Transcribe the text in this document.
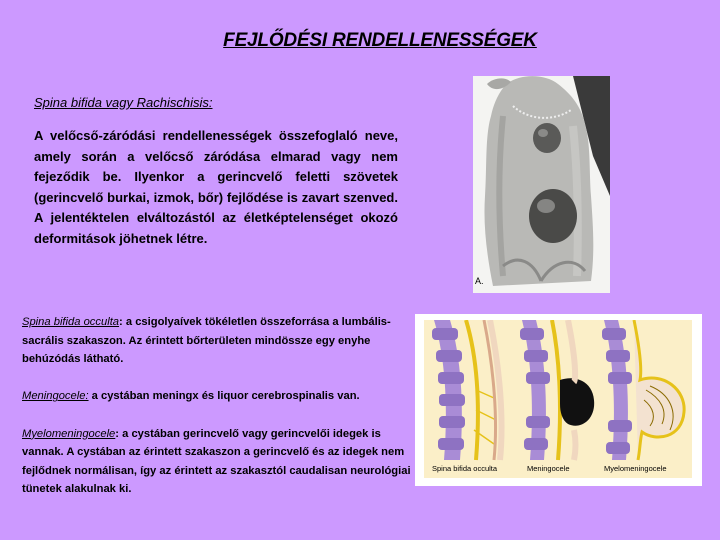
FEJLŐDÉSI RENDELLENESSÉGEK
Spina bifida vagy Rachischisis:
A velőcső-záródási rendellenességek összefoglaló neve, amely során a velőcső záródása elmarad vagy nem fejeződik be. Ilyenkor a gerincvelő feletti szövetek (gerincvelő burkai, izmok, bőr) fejlődése is zavart szenved. A jelentéktelen elváltozástól az életképtelenséget okozó deformitások jöhetnek létre.
A.

Spina bifida occulta: a csigolyaívek tökéletlen összeforrása a lumbális-sacrális szakaszon. Az érintett bőrterületen mindössze egy enyhe behúzódás látható.

Meningocele: a cystában meningx és liquor cerebrospinalis van.

Myelomeningocele: a cystában gerincvelő vagy gerincvelői idegek is vannak. A cystában az érintett szakaszon a gerincvelő és az idegek nem fejlődnek normálisan, így az érintett az szakasztól caudalisan neurológiai tünetek alakulnak ki.

Spina bifida occulta	Meningocele	Myelomeningocele
